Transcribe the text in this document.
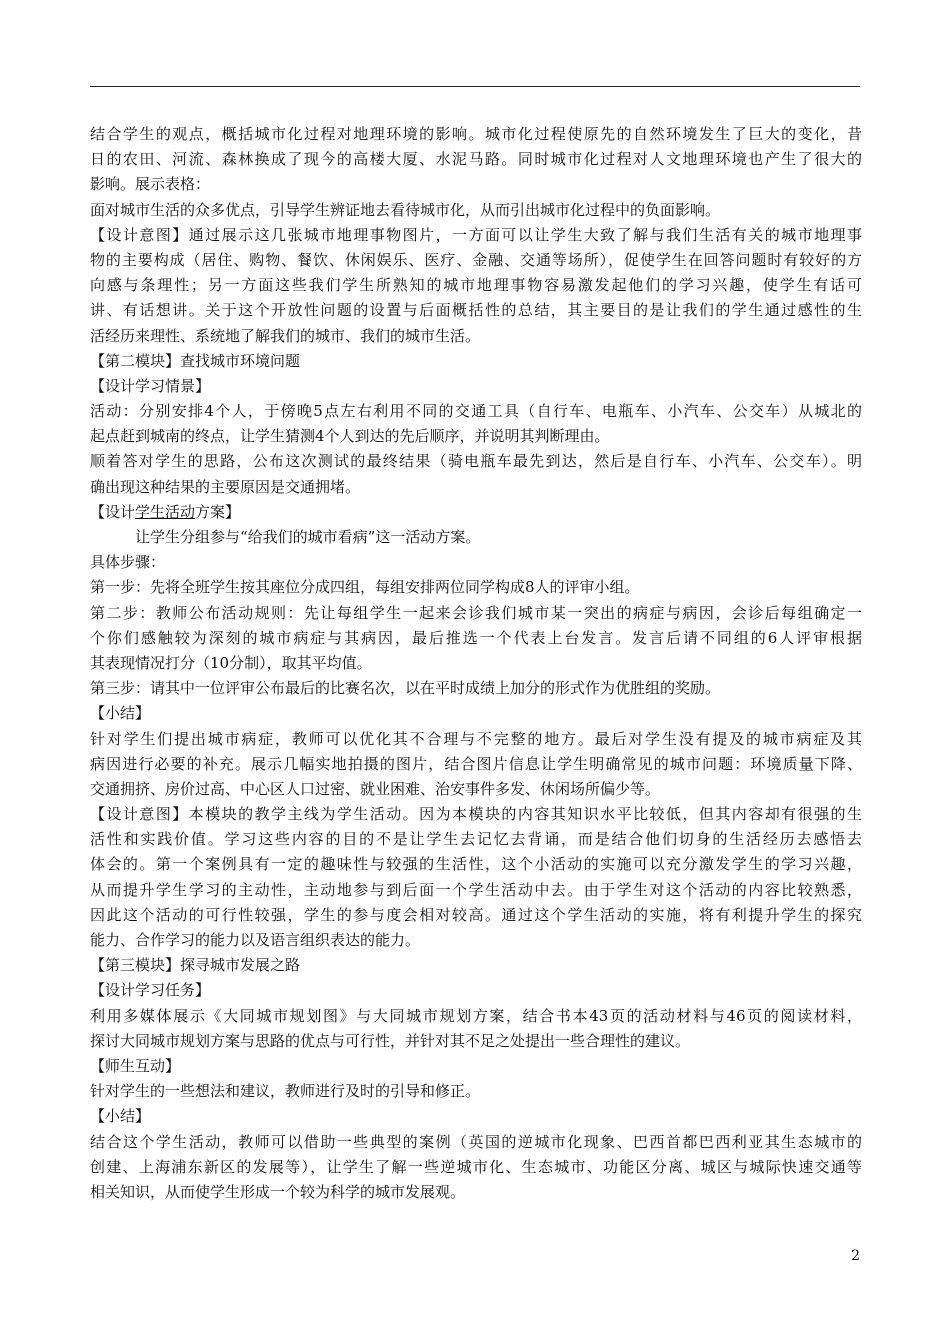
结合学生的观点，概括城市化过程对地理环境的影响。城市化过程使原先的自然环境发生了巨大的变化，昔
日的农田、河流、森林换成了现今的高楼大厦、水泥马路。同时城市化过程对人文地理环境也产生了很大的
影响。展示表格：
面对城市生活的众多优点，引导学生辨证地去看待城市化，从而引出城市化过程中的负面影响。
【设计意图】通过展示这几张城市地理事物图片，一方面可以让学生大致了解与我们生活有关的城市地理事
物的主要构成（居住、购物、餐饮、休闲娱乐、医疗、金融、交通等场所），促使学生在回答问题时有较好的方
向感与条理性；另一方面这些我们学生所熟知的城市地理事物容易激发起他们的学习兴趣，使学生有话可
讲、有话想讲。关于这个开放性问题的设置与后面概括性的总结，其主要目的是让我们的学生通过感性的生
活经历来理性、系统地了解我们的城市、我们的城市生活。
【第二模块】查找城市环境问题
【设计学习情景】
活动：分别安排4个人，于傍晚5点左右利用不同的交通工具（自行车、电瓶车、小汽车、公交车）从城北的
起点赶到城南的终点，让学生猜测4个人到达的先后顺序，并说明其判断理由。
顺着答对学生的思路，公布这次测试的最终结果（骑电瓶车最先到达，然后是自行车、小汽车、公交车）。明
确出现这种结果的主要原因是交通拥堵。
【设计学生活动方案】
让学生分组参与“给我们的城市看病”这一活动方案。
具体步骤：
第一步：先将全班学生按其座位分成四组，每组安排两位同学构成8人的评审小组。
第二步：教师公布活动规则：先让每组学生一起来会诊我们城市某一突出的病症与病因，会诊后每组确定一
个你们感触较为深刻的城市病症与其病因，最后推选一个代表上台发言。发言后请不同组的6人评审根据
其表现情况打分（10分制），取其平均值。
第三步：请其中一位评审公布最后的比赛名次，以在平时成绩上加分的形式作为优胜组的奖励。
【小结】
针对学生们提出城市病症，教师可以优化其不合理与不完整的地方。最后对学生没有提及的城市病症及其
病因进行必要的补充。展示几幅实地拍摄的图片，结合图片信息让学生明确常见的城市问题：环境质量下降、
交通拥挤、房价过高、中心区人口过密、就业困难、治安事件多发、休闲场所偏少等。
【设计意图】本模块的教学主线为学生活动。因为本模块的内容其知识水平比较低，但其内容却有很强的生
活性和实践价值。学习这些内容的目的不是让学生去记忆去背诵，而是结合他们切身的生活经历去感悟去
体会的。第一个案例具有一定的趣味性与较强的生活性，这个小活动的实施可以充分激发学生的学习兴趣，
从而提升学生学习的主动性，主动地参与到后面一个学生活动中去。由于学生对这个活动的内容比较熟悉，
因此这个活动的可行性较强，学生的参与度会相对较高。通过这个学生活动的实施，将有利提升学生的探究
能力、合作学习的能力以及语言组织表达的能力。
【第三模块】探寻城市发展之路
【设计学习任务】
利用多媒体展示《大同城市规划图》与大同城市规划方案，结合书本43页的活动材料与46页的阅读材料，
探讨大同城市规划方案与思路的优点与可行性，并针对其不足之处提出一些合理性的建议。
【师生互动】
针对学生的一些想法和建议，教师进行及时的引导和修正。
【小结】
结合这个学生活动，教师可以借助一些典型的案例（英国的逆城市化现象、巴西首都巴西利亚其生态城市的
创建、上海浦东新区的发展等），让学生了解一些逆城市化、生态城市、功能区分离、城区与城际快速交通等
相关知识，从而使学生形成一个较为科学的城市发展观。
2
